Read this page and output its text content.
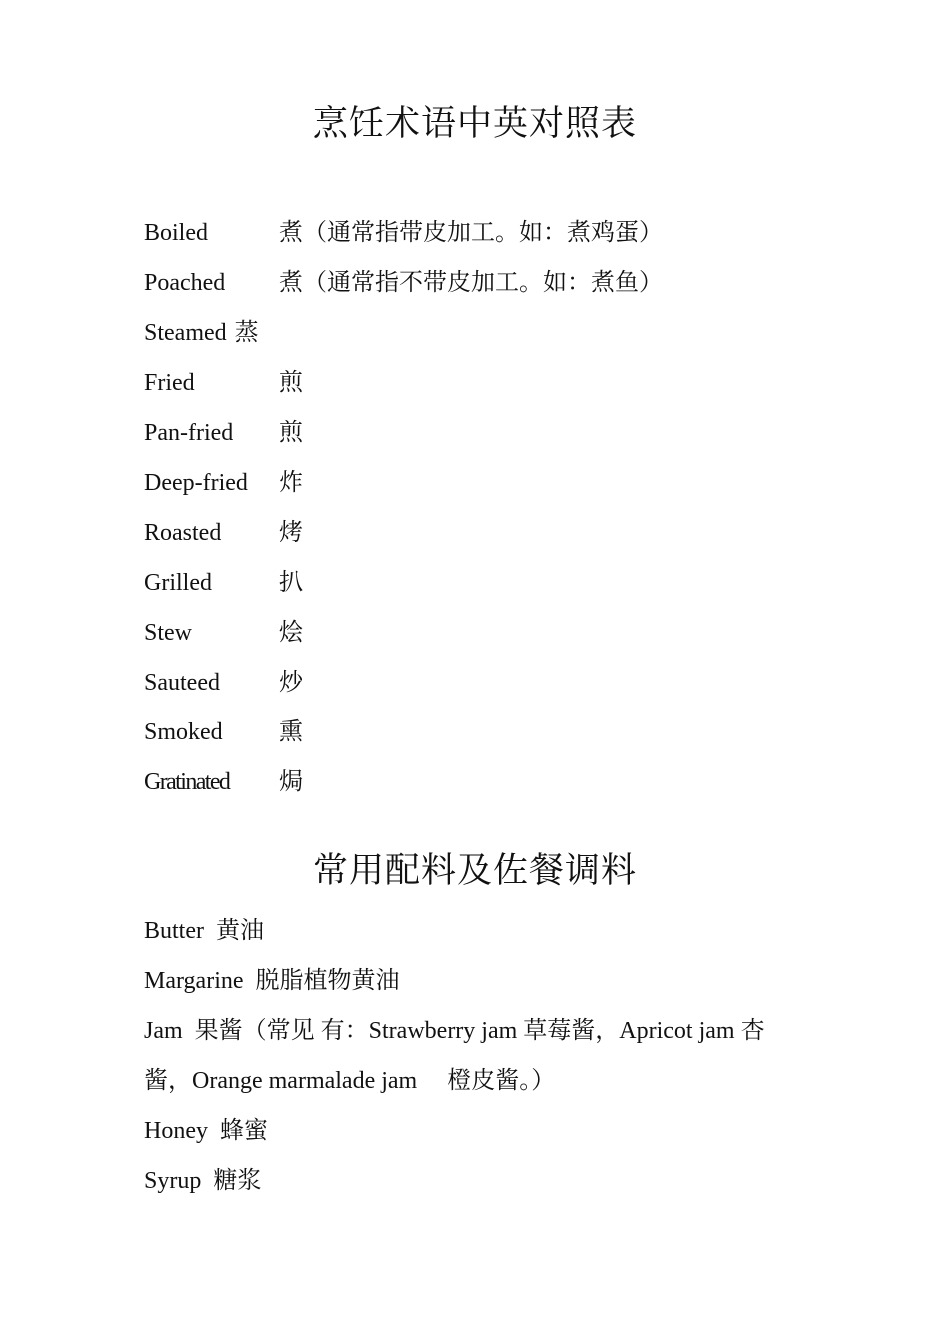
烹饪术语中英对照表
Boiled	煮（通常指带皮加工。如：煮鸡蛋）
Poached 煮（通常指不带皮加工。如：煮鱼）
Steamed 蒸
Fried	煎
Pan-fried 煎
Deep-fried 炸
Roasted 烤
Grilled	扒
Stew	烩
Sauteed 炒
Smoked 熏
Gratinated 焗
常用配料及佐餐调料
Butter 黄油
Margarine 脱脂植物黄油
Jam 果酱（常见 有：Strawberry jam 草莓酱，Apricot jam 杏
酱，Orange marmalade jam　 橙皮酱。）
Honey 蜂蜜
Syrup 糖浆
